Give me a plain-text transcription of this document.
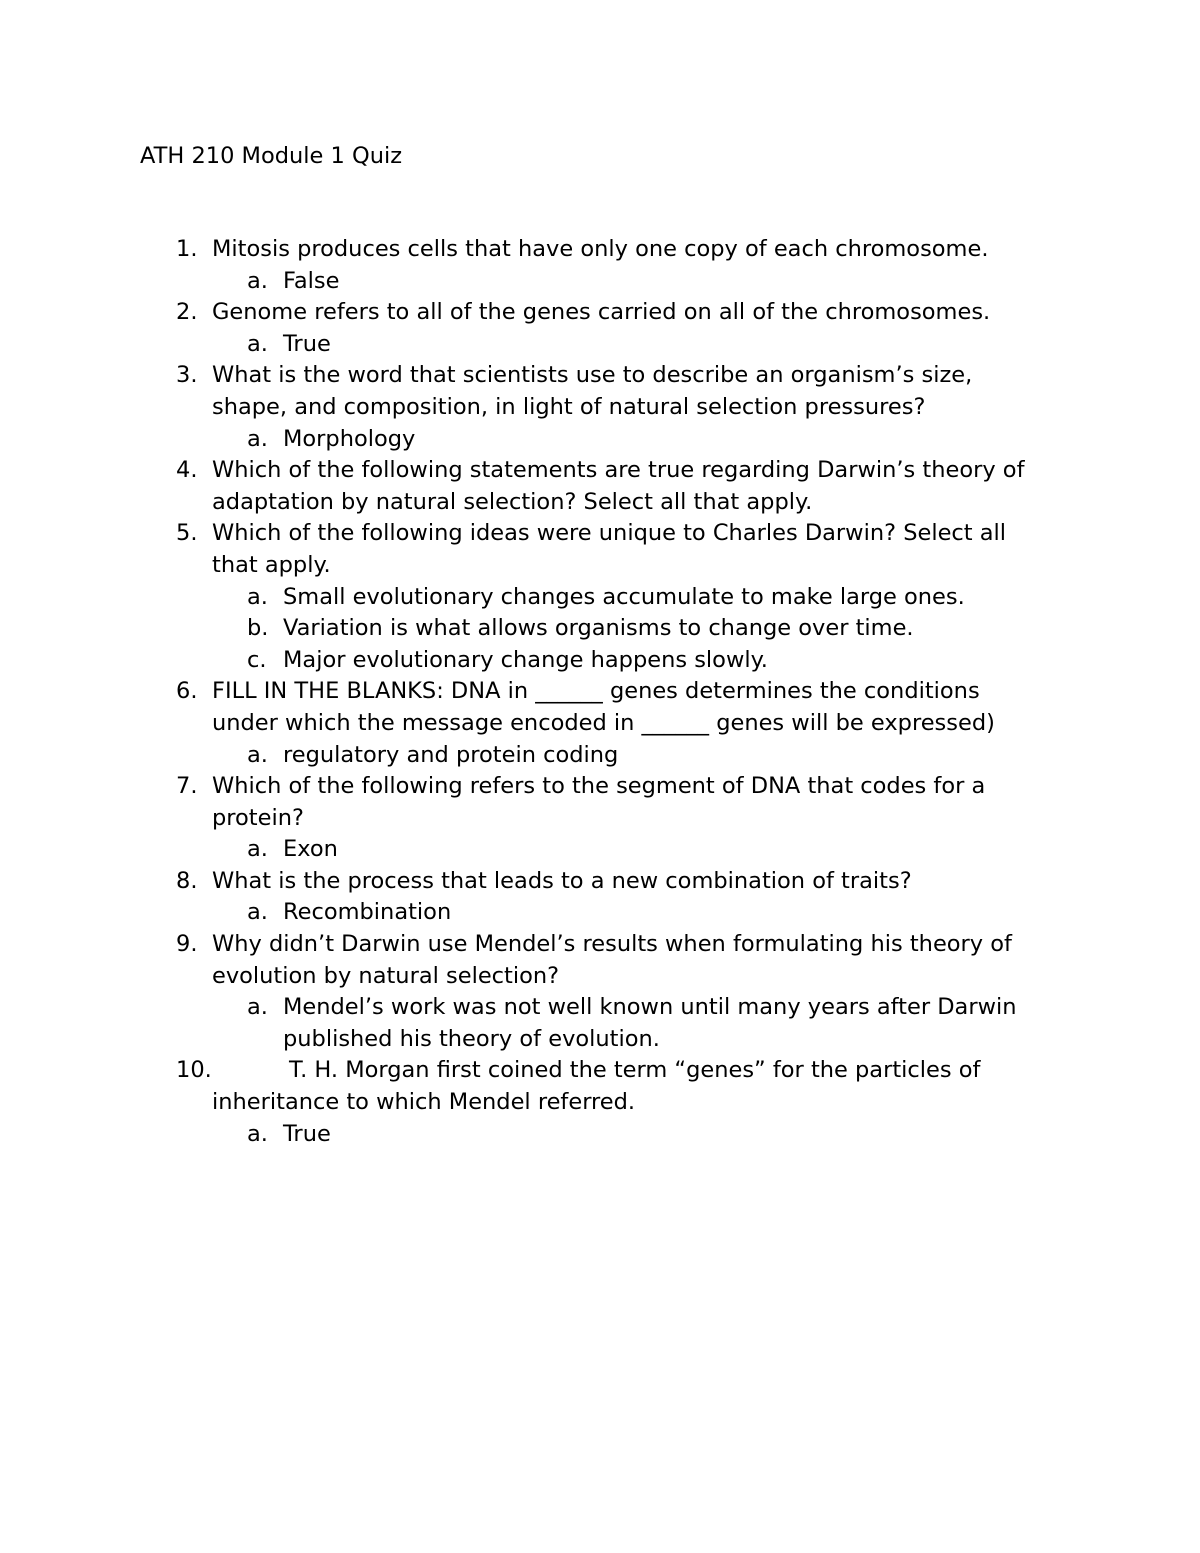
ATH 210 Module 1 Quiz
1. Mitosis produces cells that have only one copy of each chromosome.
a. False
2. Genome refers to all of the genes carried on all of the chromosomes.
a. True
3. What is the word that scientists use to describe an organism’s size, shape, and composition, in light of natural selection pressures?
a. Morphology
4. Which of the following statements are true regarding Darwin’s theory of adaptation by natural selection? Select all that apply.
5. Which of the following ideas were unique to Charles Darwin? Select all that apply.
a. Small evolutionary changes accumulate to make large ones.
b. Variation is what allows organisms to change over time.
c. Major evolutionary change happens slowly.
6. FILL IN THE BLANKS: DNA in ______ genes determines the conditions under which the message encoded in ______ genes will be expressed)
a. regulatory and protein coding
7. Which of the following refers to the segment of DNA that codes for a protein?
a. Exon
8. What is the process that leads to a new combination of traits?
a. Recombination
9. Why didn’t Darwin use Mendel’s results when formulating his theory of evolution by natural selection?
a. Mendel’s work was not well known until many years after Darwin published his theory of evolution.
10.	T. H. Morgan first coined the term “genes” for the particles of inheritance to which Mendel referred.
a. True
